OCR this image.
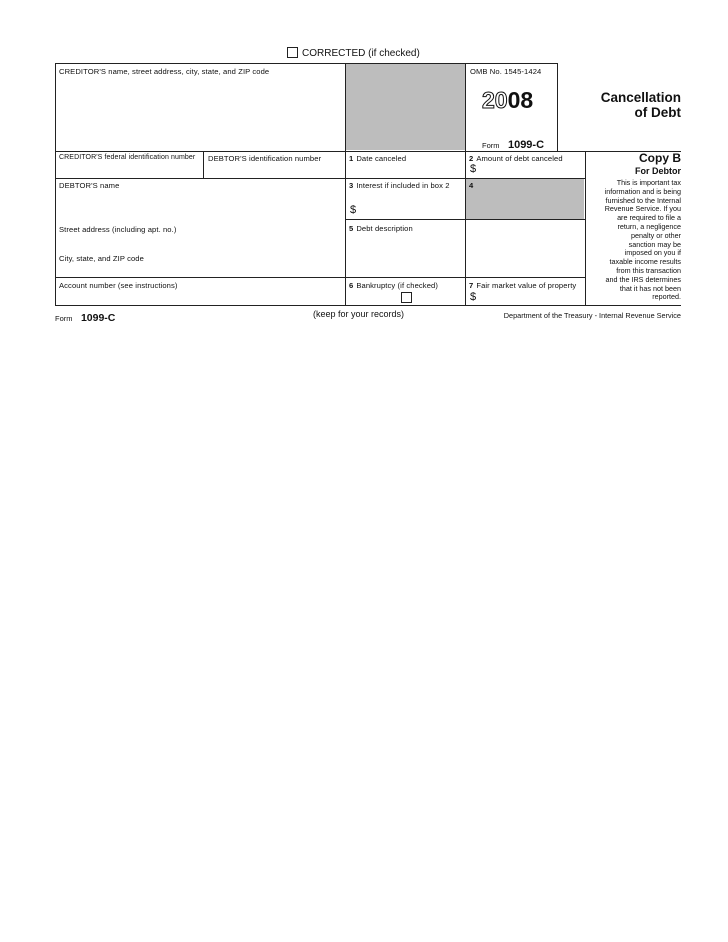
CORRECTED (if checked)
CREDITOR'S name, street address, city, state, and ZIP code	OMB No. 1545-1424
2008
Form 1099-C
Cancellation
of Debt
Copy B
For Debtor
This is important tax
information and is being
furnished to the Internal
Revenue Service. If you
are required to file a
return, a negligence
penalty or other
sanction may be
imposed on you if
taxable income results
from this transaction
and the IRS determines
that it has not been
reported.
CREDITOR'S federal identification number DEBTOR'S identification number	1 Date canceled	2 Amount of debt canceled
$
DEBTOR'S name	3 Interest if included in box 2
$
4
Street address (including apt. no.)	5 Debt description
City, state, and ZIP code
Account number (see instructions)	6 Bankruptcy (if checked)	7 Fair market value of property
$
Form 1099-C	(keep for your records)	Department of the Treasury - Internal Revenue Service
